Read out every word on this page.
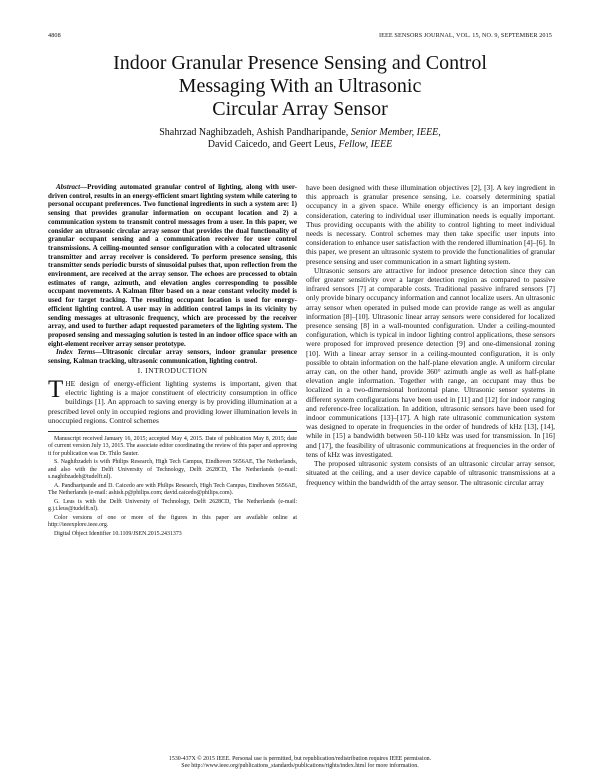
4808	IEEE SENSORS JOURNAL, VOL. 15, NO. 9, SEPTEMBER 2015
Indoor Granular Presence Sensing and Control
Messaging With an Ultrasonic
Circular Array Sensor
Shahrzad Naghibzadeh, Ashish Pandharipande, Senior Member, IEEE,
David Caicedo, and Geert Leus, Fellow, IEEE

Abstract—Providing automated granular control of lighting, along with user-driven control, results in an energy-efficient smart lighting system while catering to personal occupant preferences. Two functional ingredients in such a system are: 1) sensing that provides granular information on occupant location and 2) a communication system to transmit control messages from a user. In this paper, we consider an ultrasonic circular array sensor that provides the dual functionality of granular occupant sensing and a communication receiver for user control transmissions. A ceiling-mounted sensor configuration with a colocated ultrasonic transmitter and array receiver is considered. To perform presence sensing, this transmitter sends periodic bursts of sinusoidal pulses that, upon reflection from the environment, are received at the array sensor. The echoes are processed to obtain estimates of range, azimuth, and elevation angles corresponding to possible occupant movements. A Kalman filter based on a near constant velocity model is used for target tracking. The resulting occupant location is used for energy-efficient lighting control. A user may in addition control lamps in its vicinity by sending messages at ultrasonic frequency, which are processed by the receiver array, and used to further adapt requested parameters of the lighting system. The proposed sensing and messaging solution is tested in an indoor office space with an eight-element receiver array sensor prototype.

Index Terms—Ultrasonic circular array sensors, indoor granular presence sensing, Kalman tracking, ultrasonic communication, lighting control.

I. INTRODUCTION

THE design of energy-efficient lighting systems is important, given that electric lighting is a major constituent of electricity consumption in office buildings [1]. An approach to saving energy is by providing illumination at a prescribed level only in occupied regions and providing lower illumination levels in unoccupied regions. Control schemes

Manuscript received January 16, 2015; accepted May 4, 2015. Date of publication May 8, 2015; date of current version July 13, 2015. The associate editor coordinating the review of this paper and approving it for publication was Dr. Thilo Sauter.

S. Naghibzadeh is with Philips Research, High Tech Campus, Eindhoven 5656AE, The Netherlands, and also with the Delft University of Technology, Delft 2628CD, The Netherlands (e-mail: s.naghibzadeh@tudelft.nl).

A. Pandharipande and D. Caicedo are with Philips Research, High Tech Campus, Eindhoven 5656AE, The Netherlands (e-mail: ashish.p@philips.com; david.caicedo@philips.com).

G. Leus is with the Delft University of Technology, Delft 2628CD, The Netherlands (e-mail: g.j.t.leus@tudelft.nl).

Color versions of one or more of the figures in this paper are available online at http://ieeexplore.ieee.org.

Digital Object Identifier 10.1109/JSEN.2015.2431373

have been designed with these illumination objectives [2], [3]. A key ingredient in this approach is granular presence sensing, i.e. coarsely determining spatial occupancy in a given space. While energy efficiency is an important design consideration, catering to individual user illumination needs is equally important. Thus providing occupants with the ability to control lighting to meet individual needs is necessary. Control schemes may then take specific user inputs into consideration to enhance user satisfaction with the rendered illumination [4]–[6]. In this paper, we present an ultrasonic system to provide the functionalities of granular presence sensing and user communication in a smart lighting system.

Ultrasonic sensors are attractive for indoor presence detection since they can offer greater sensitivity over a larger detection region as compared to passive infrared sensors [7] at comparable costs. Traditional passive infrared sensors [7] only provide binary occupancy information and cannot localize users. An ultrasonic array sensor when operated in pulsed mode can provide range as well as angular information [8]–[10]. Ultrasonic linear array sensors were considered for localized presence sensing [8] in a wall-mounted configuration. Under a ceiling-mounted configuration, which is typical in indoor lighting control applications, these sensors were proposed for improved presence detection [9] and one-dimensional zoning [10]. With a linear array sensor in a ceiling-mounted configuration, it is only possible to obtain information on the half-plane elevation angle. A uniform circular array can, on the other hand, provide 360° azimuth angle as well as half-plane elevation angle information. Together with range, an occupant may thus be localized in a two-dimensional horizontal plane. Ultrasonic sensor systems in different system configurations have been used in [11] and [12] for indoor ranging and reference-free localization. In addition, ultrasonic sensors have been used for indoor communications [13]–[17]. A high rate ultrasonic communication system was designed to operate in frequencies in the order of hundreds of kHz [13], [14], while in [15] a bandwidth between 50-110 kHz was used for transmission. In [16] and [17], the feasibility of ultrasonic communications at frequencies in the order of tens of kHz was investigated.

The proposed ultrasonic system consists of an ultrasonic circular array sensor, situated at the ceiling, and a user device capable of ultrasonic transmissions at a frequency within the bandwidth of the array sensor. The ultrasonic circular array

1530-437X © 2015 IEEE. Personal use is permitted, but republication/redistribution requires IEEE permission.
See http://www.ieee.org/publications_standards/publications/rights/index.html for more information.
